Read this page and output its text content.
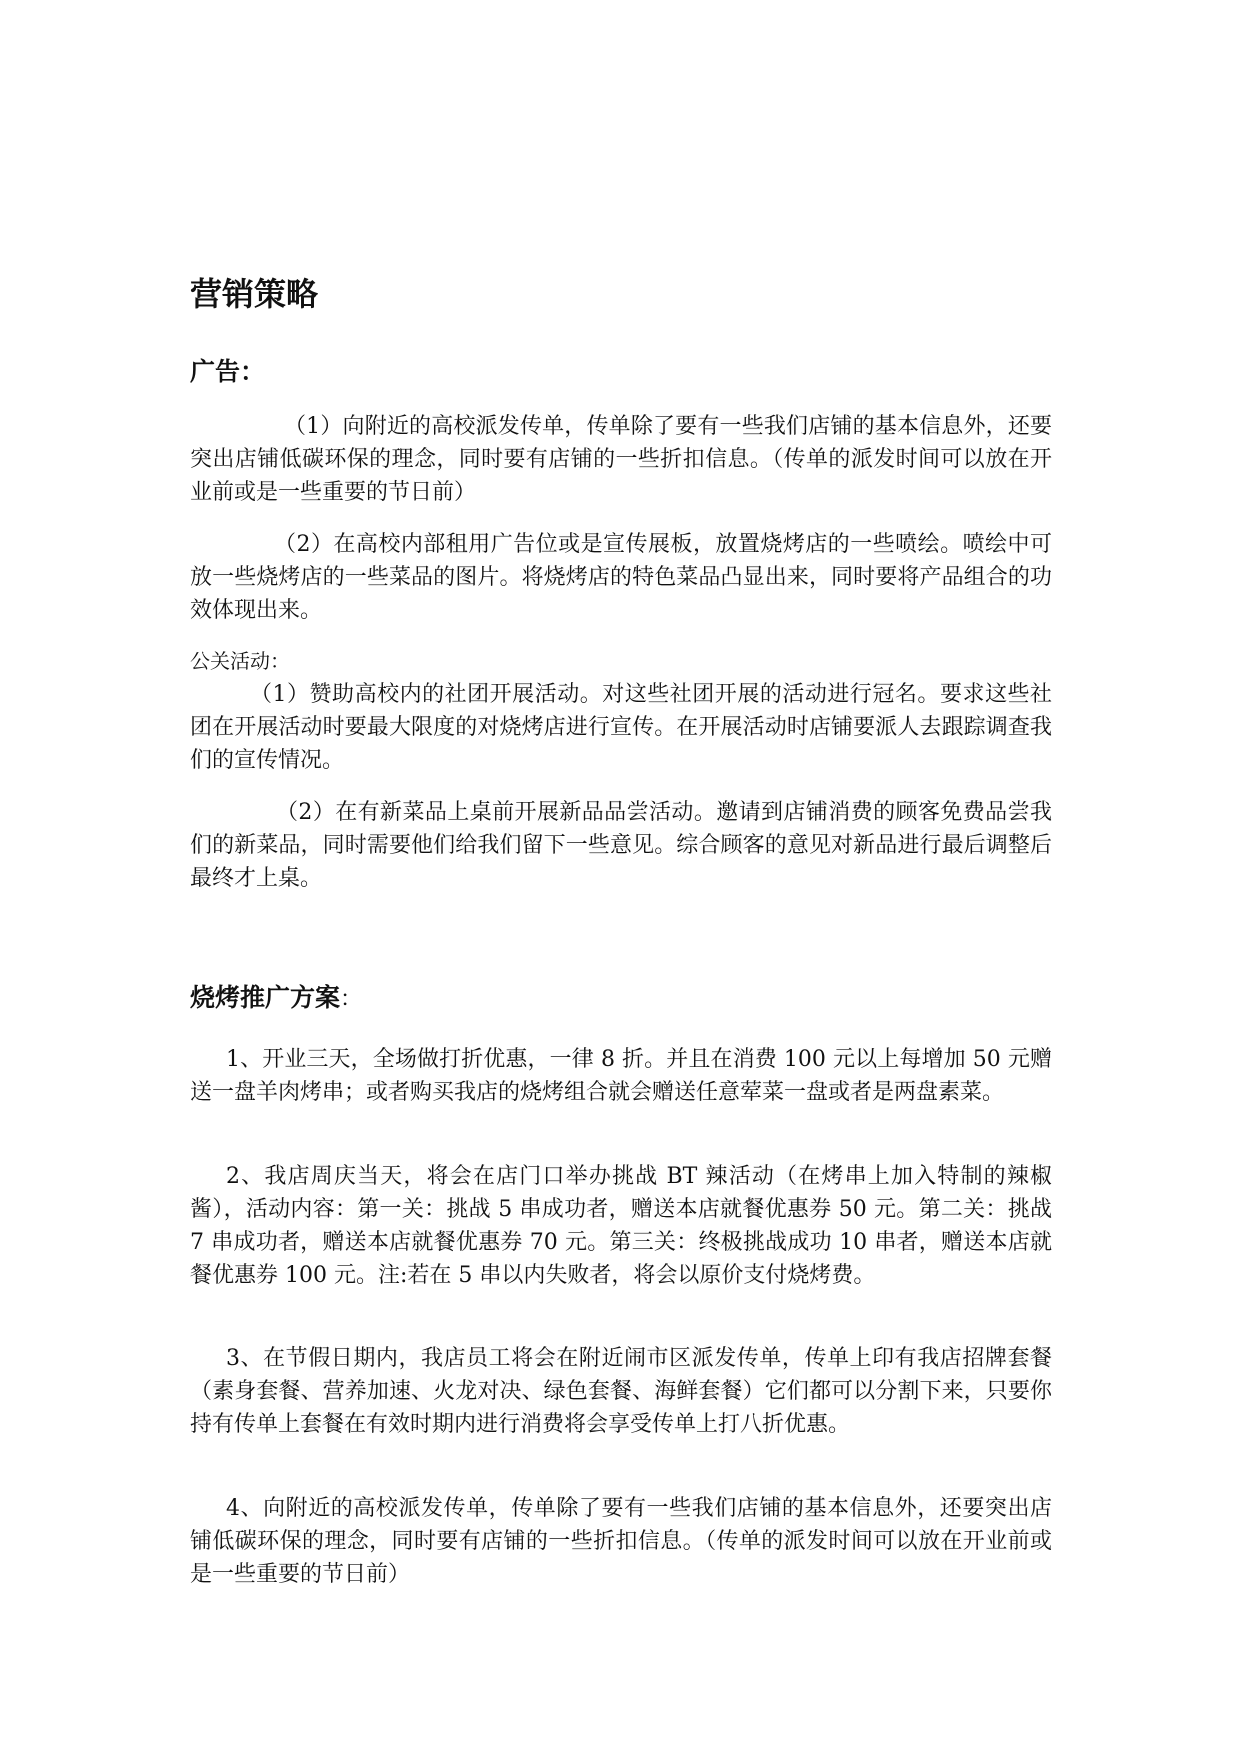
营销策略
广告：

（1）向附近的高校派发传单，传单除了要有一些我们店铺的基本信息外，还要突出店铺低碳环保的理念，同时要有店铺的一些折扣信息。（传单的派发时间可以放在开业前或是一些重要的节日前）

（2）在高校内部租用广告位或是宣传展板，放置烧烤店的一些喷绘。喷绘中可放一些烧烤店的一些菜品的图片。将烧烤店的特色菜品凸显出来，同时要将产品组合的功效体现出来。

公关活动：

（1）赞助高校内的社团开展活动。对这些社团开展的活动进行冠名。要求这些社团在开展活动时要最大限度的对烧烤店进行宣传。在开展活动时店铺要派人去跟踪调查我们的宣传情况。

（2）在有新菜品上桌前开展新品品尝活动。邀请到店铺消费的顾客免费品尝我们的新菜品，同时需要他们给我们留下一些意见。综合顾客的意见对新品进行最后调整后最终才上桌。

烧烤推广方案：

1、开业三天，全场做打折优惠，一律 8 折。并且在消费 100 元以上每增加 50 元赠送一盘羊肉烤串；或者购买我店的烧烤组合就会赠送任意荤菜一盘或者是两盘素菜。

2、我店周庆当天，将会在店门口举办挑战 BT 辣活动（在烤串上加入特制的辣椒酱），活动内容：第一关：挑战 5 串成功者，赠送本店就餐优惠券 50 元。第二关：挑战 7 串成功者，赠送本店就餐优惠券 70 元。第三关：终极挑战成功 10 串者，赠送本店就餐优惠券 100 元。注:若在 5 串以内失败者，将会以原价支付烧烤费。

3、在节假日期内，我店员工将会在附近闹市区派发传单，传单上印有我店招牌套餐（素身套餐、营养加速、火龙对决、绿色套餐、海鲜套餐）它们都可以分割下来，只要你持有传单上套餐在有效时期内进行消费将会享受传单上打八折优惠。

4、向附近的高校派发传单，传单除了要有一些我们店铺的基本信息外，还要突出店铺低碳环保的理念，同时要有店铺的一些折扣信息。（传单的派发时间可以放在开业前或是一些重要的节日前）
